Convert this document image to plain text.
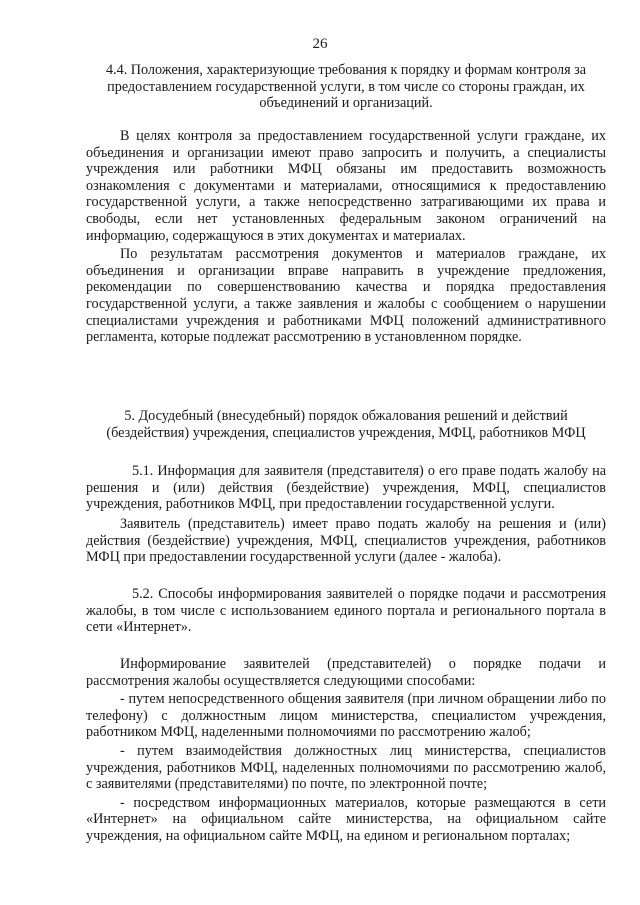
26
4.4. Положения, характеризующие требования к порядку и формам контроля за предоставлением государственной услуги, в том числе со стороны граждан, их объединений и организаций.

В целях контроля за предоставлением государственной услуги граждане, их объединения и организации имеют право запросить и получить, а специалисты учреждения или работники МФЦ обязаны им предоставить возможность ознакомления с документами и материалами, относящимися к предоставлению государственной услуги, а также непосредственно затрагивающими их права и свободы, если нет установленных федеральным законом ограничений на информацию, содержащуюся в этих документах и материалах.

По результатам рассмотрения документов и материалов граждане, их объединения и организации вправе направить в учреждение предложения, рекомендации по совершенствованию качества и порядка предоставления государственной услуги, а также заявления и жалобы с сообщением о нарушении специалистами учреждения и работниками МФЦ положений административного регламента, которые подлежат рассмотрению в установленном порядке.

5. Досудебный (внесудебный) порядок обжалования решений и действий (бездействия) учреждения, специалистов учреждения, МФЦ, работников МФЦ
5.1. Информация для заявителя (представителя) о его праве подать жалобу на решения и (или) действия (бездействие) учреждения, МФЦ, специалистов учреждения, работников МФЦ, при предоставлении государственной услуги.
Заявитель (представитель) имеет право подать жалобу на решения и (или) действия (бездействие) учреждения, МФЦ, специалистов учреждения, работников МФЦ при предоставлении государственной услуги (далее - жалоба).
5.2. Способы информирования заявителей о порядке подачи и рассмотрения жалобы, в том числе с использованием единого портала и регионального портала в сети «Интернет».

Информирование заявителей (представителей) о порядке подачи и рассмотрения жалобы осуществляется следующими способами:

- путем непосредственного общения заявителя (при личном обращении либо по телефону) с должностным лицом министерства, специалистом учреждения, работником МФЦ, наделенными полномочиями по рассмотрению жалоб;

- путем взаимодействия должностных лиц министерства, специалистов учреждения, работников МФЦ, наделенных полномочиями по рассмотрению жалоб, с заявителями (представителями) по почте, по электронной почте;

- посредством информационных материалов, которые размещаются в сети «Интернет» на официальном сайте министерства, на официальном сайте учреждения, на официальном сайте МФЦ, на едином и региональном порталах;
